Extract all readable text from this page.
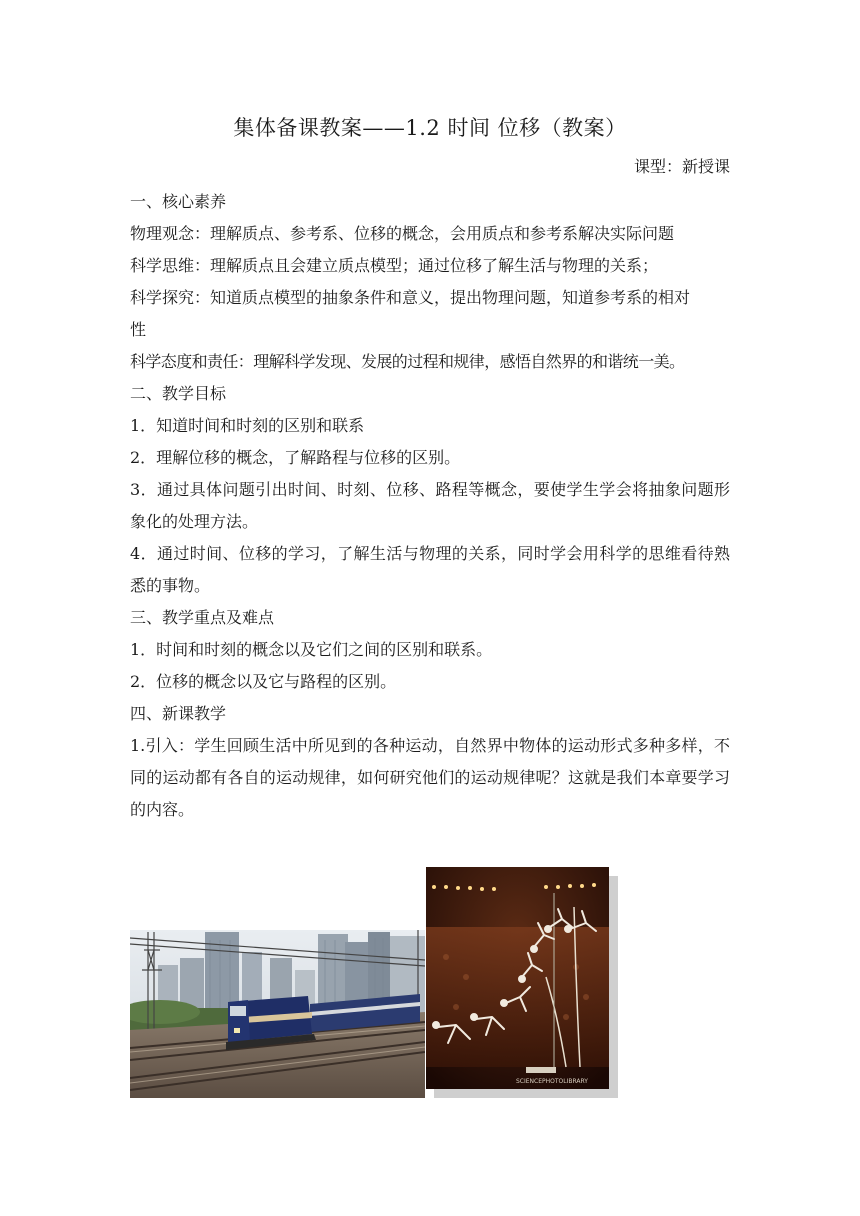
集体备课教案——1.2 时间 位移（教案）
课型：新授课

一、核心素养

物理观念：理解质点、参考系、位移的概念，会用质点和参考系解决实际问题

科学思维：理解质点且会建立质点模型；通过位移了解生活与物理的关系；

科学探究：知道质点模型的抽象条件和意义，提出物理问题，知道参考系的相对

性

科学态度和责任：理解科学发现、发展的过程和规律，感悟自然界的和谐统一美。

二、教学目标

1．知道时间和时刻的区别和联系

2．理解位移的概念，了解路程与位移的区别。

3．通过具体问题引出时间、时刻、位移、路程等概念，要使学生学会将抽象问题形象化的处理方法。

4．通过时间、位移的学习，了解生活与物理的关系，同时学会用科学的思维看待熟悉的事物。

三、教学重点及难点

1．时间和时刻的概念以及它们之间的区别和联系。

2．位移的概念以及它与路程的区别。

四、新课教学

1.引入：学生回顾生活中所见到的各种运动，自然界中物体的运动形式多种多样，不同的运动都有各自的运动规律，如何研究他们的运动规律呢？这就是我们本章要学习的内容。

SCIENCEPHOTOLIBRARY
